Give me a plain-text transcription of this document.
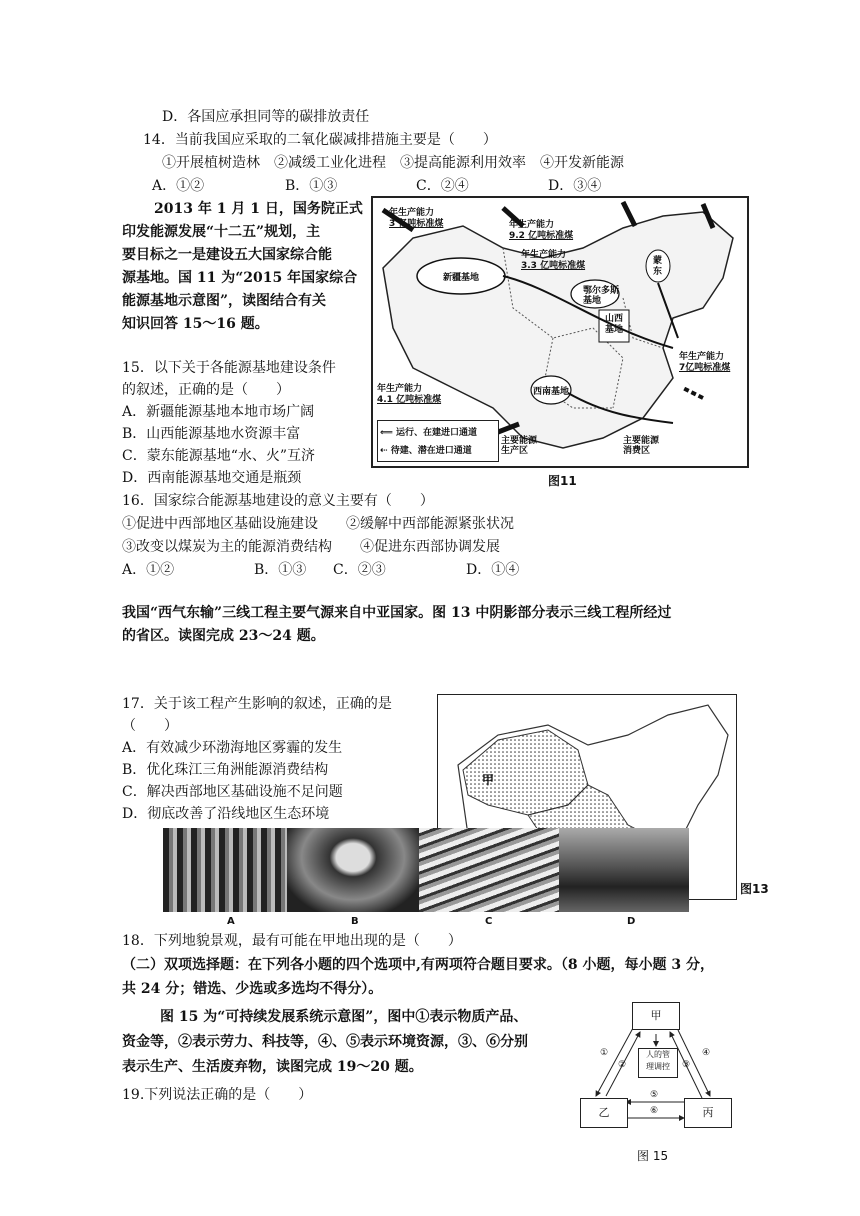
D．各国应承担同等的碳排放责任
14．当前我国应采取的二氧化碳减排措施主要是（　　）
①开展植树造林　②减缓工业化进程　③提高能源利用效率　④开发新能源
A．①②	B．①③	C．②④	D．③④
2013 年 1 月 1 日，国务院正式
印发能源发展“十二五”规划，主
要目标之一是建设五大国家综合能
源基地。国 11 为“2015 年国家综合
能源基地示意图”，读图结合有关
知识回答 15～16 题。
15．以下关于各能源基地建设条件
的叙述，正确的是（　　）
A．新疆能源基地本地市场广阔
B．山西能源基地水资源丰富
C．蒙东能源基地“水、火”互济
D．西南能源基地交通是瓶颈
16．国家综合能源基地建设的意义主要有（　　）
①促进中西部地区基础设施建设　　②缓解中西部能源紧张状况
③改变以煤炭为主的能源消费结构　　④促进东西部协调发展
A．①②	B．①③ C．②③	D．①④
我国“西气东输”三线工程主要气源来自中亚国家。图 13 中阴影部分表示三线工程所经过
的省区。读图完成 23～24 题。
17．关于该工程产生影响的叙述，正确的是
（　　）
A．有效减少环渤海地区雾霾的发生
B．优化珠江三角洲能源消费结构
C．解决西部地区基础设施不足问题
D．彻底改善了沿线地区生态环境
18．下列地貌景观，最有可能在甲地出现的是（　　）
（二）双项选择题：在下列各小题的四个选项中,有两项符合题目要求。（8 小题，每小题 3 分，
共 24 分；错选、少选或多选均不得分）。
图 15 为“可持续发展系统示意图”，图中①表示物质产品、
资金等，②表示劳力、科技等，④、⑤表示环境资源，③、⑥分别
表示生产、生活废弃物，读图完成 19～20 题。
19.下列说法正确的是（　　）
年生产能力
3 亿吨标准煤	年生产能力
9.2 亿吨标准煤
年生产能力
3.3 亿吨标准煤
年生产能力
7亿吨标准煤
年生产能力
4.1 亿吨标准煤
新疆基地
鄂尔多斯
基地
山西
基地
蒙
东
西南基地
⟸ 运行、在建进口通道
⇠ 待建、潜在进口通道
主要能源
生产区
主要能源
消费区
图11
甲
A	B	C	D
图13
甲
乙	丙
人的管
理调控
①
②	③
④
⑤
⑥
图 15
